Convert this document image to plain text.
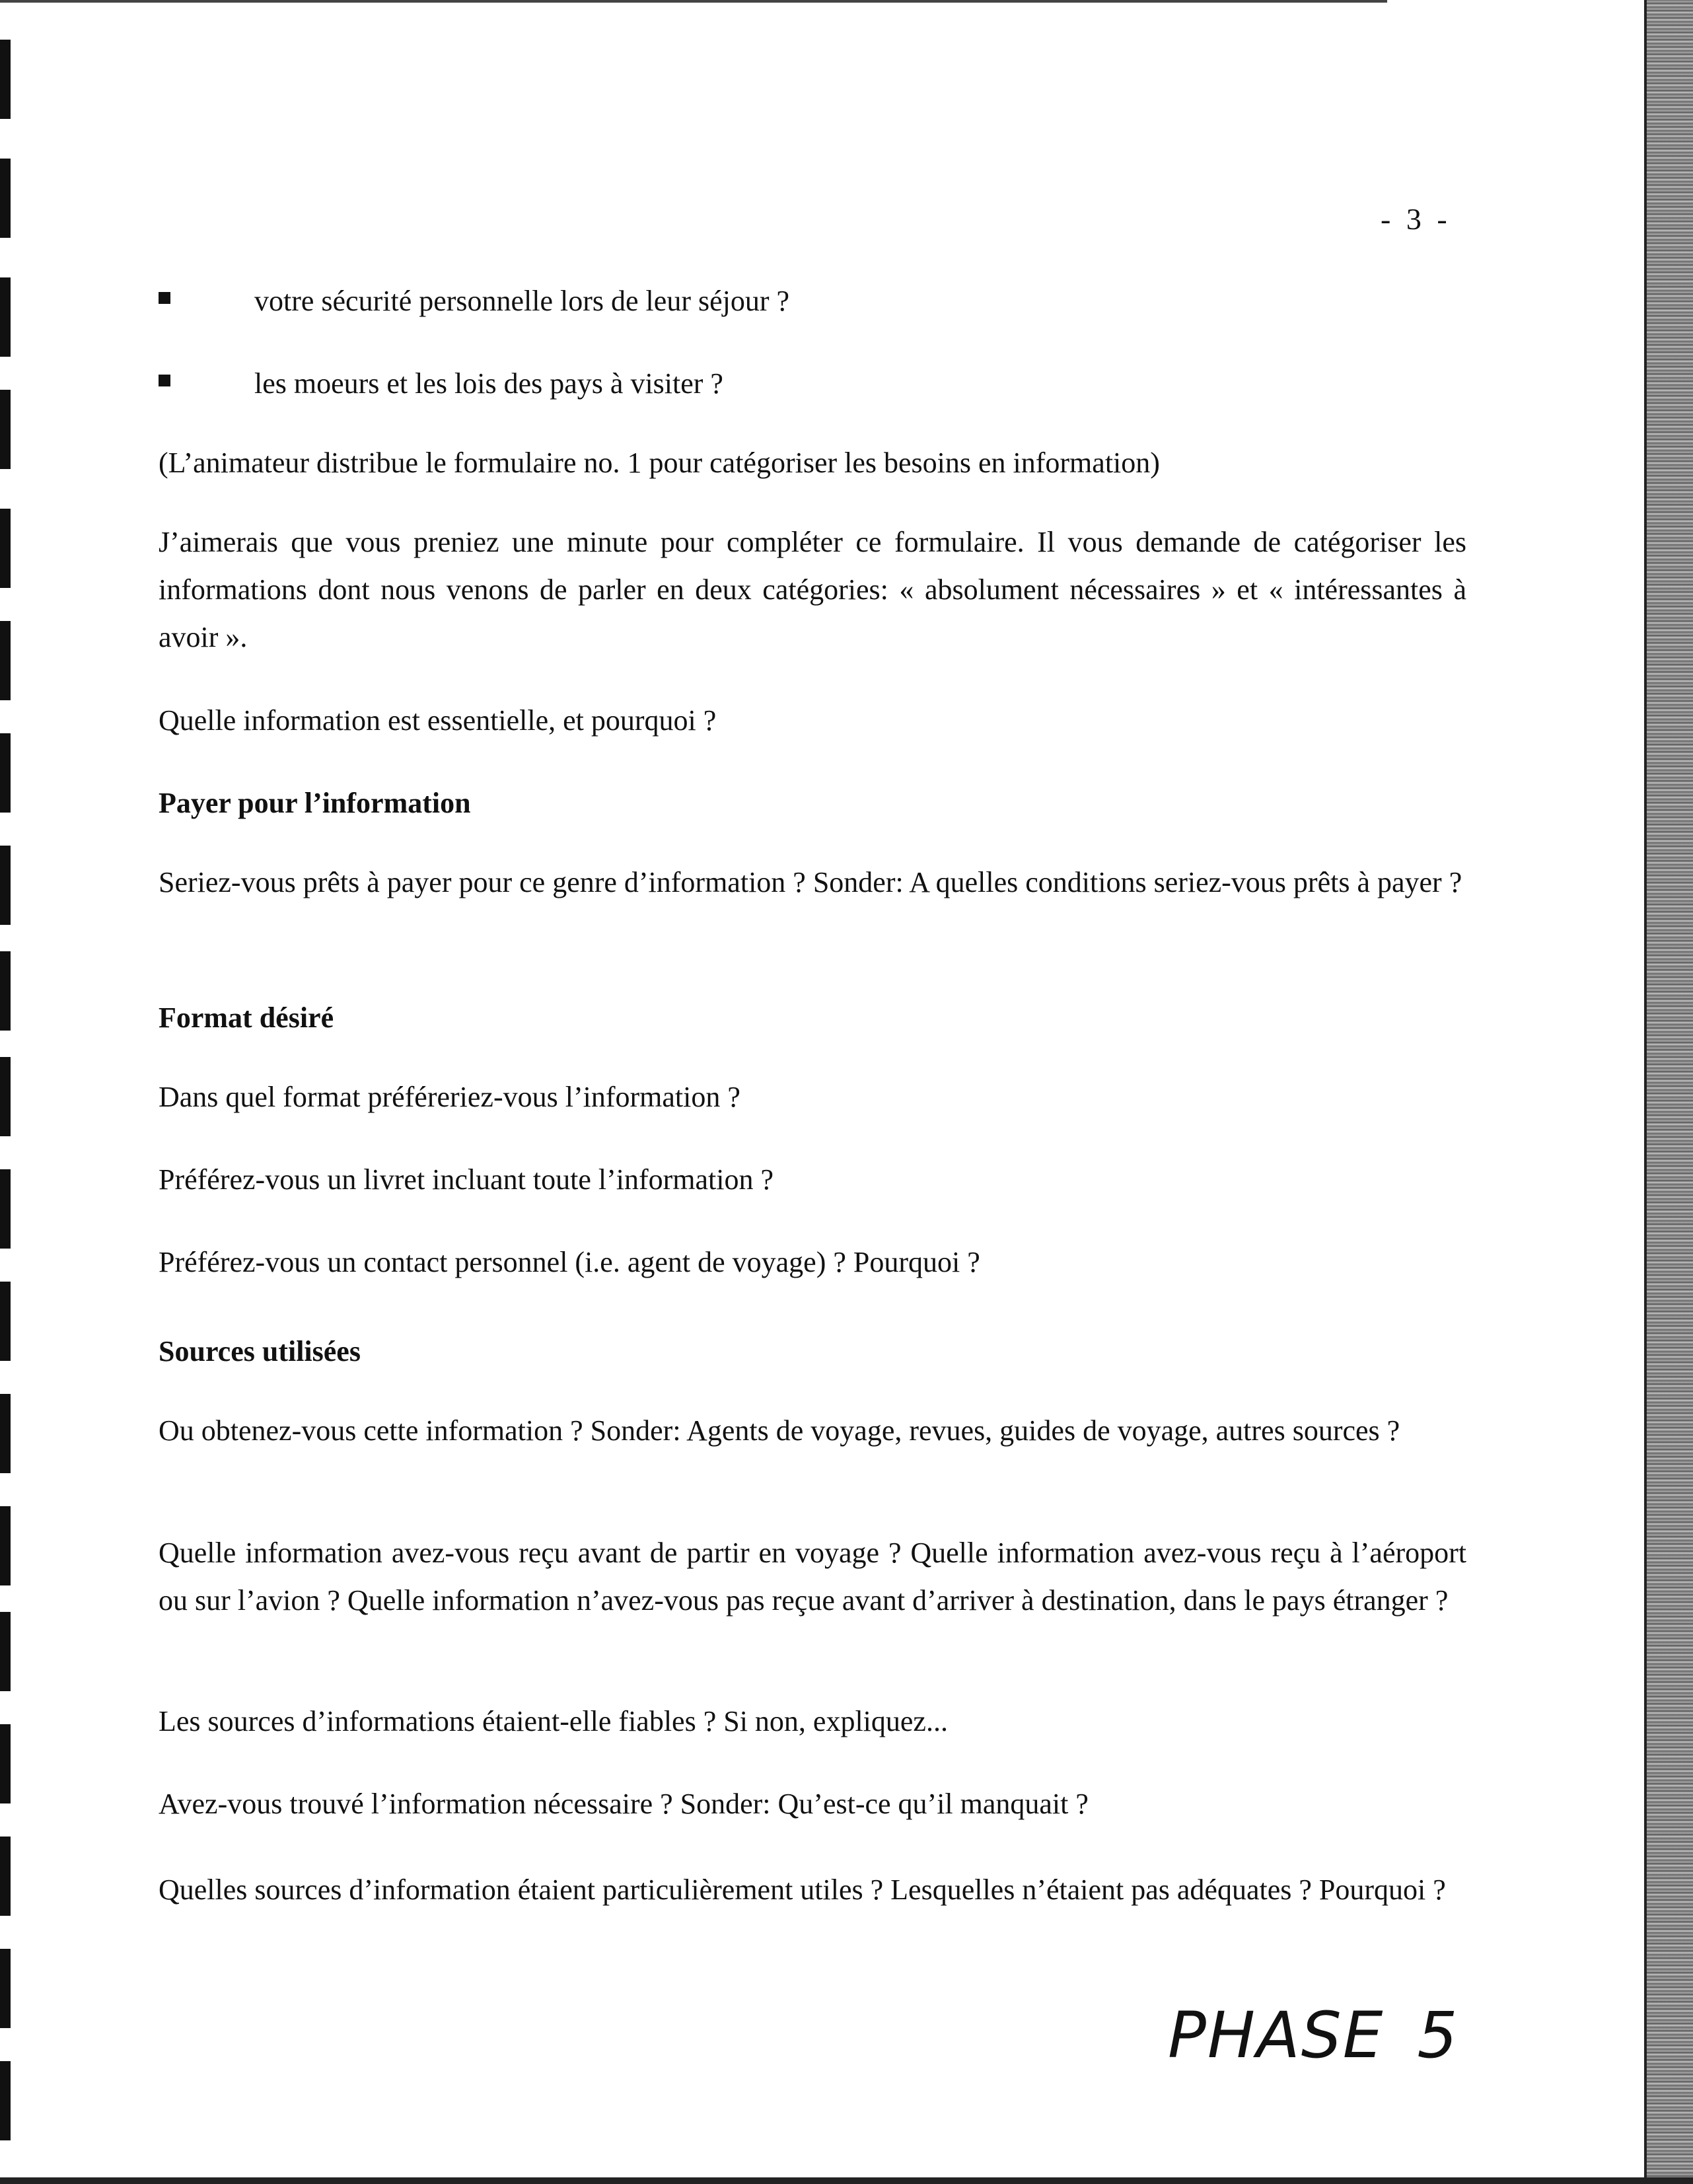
- 3 -
votre sécurité personnelle lors de leur séjour ?
les moeurs et les lois des pays à visiter ?
(L’animateur distribue le formulaire no. 1 pour catégoriser les besoins en information)
J’aimerais que vous preniez une minute pour compléter ce formulaire. Il vous demande de catégoriser les informations dont nous venons de parler en deux catégories: « absolument nécessaires » et « intéressantes à avoir ».
Quelle information est essentielle, et pourquoi ?
Payer pour l’information
Seriez-vous prêts à payer pour ce genre d’information ? Sonder: A quelles conditions seriez-vous prêts à payer ?
Format désiré
Dans quel format préféreriez-vous l’information ?
Préférez-vous un livret incluant toute l’information ?
Préférez-vous un contact personnel (i.e. agent de voyage) ? Pourquoi ?
Sources utilisées
Ou obtenez-vous cette information ? Sonder: Agents de voyage, revues, guides de voyage, autres sources ?
Quelle information avez-vous reçu avant de partir en voyage ? Quelle information avez-vous reçu à l’aéroport ou sur l’avion ? Quelle information n’avez-vous pas reçue avant d’arriver à destination, dans le pays étranger ?
Les sources d’informations étaient-elle fiables ? Si non, expliquez...
Avez-vous trouvé l’information nécessaire ? Sonder: Qu’est-ce qu’il manquait ?
Quelles sources d’information étaient particulièrement utiles ? Lesquelles n’étaient pas adéquates ? Pourquoi ?
PHASE 5
